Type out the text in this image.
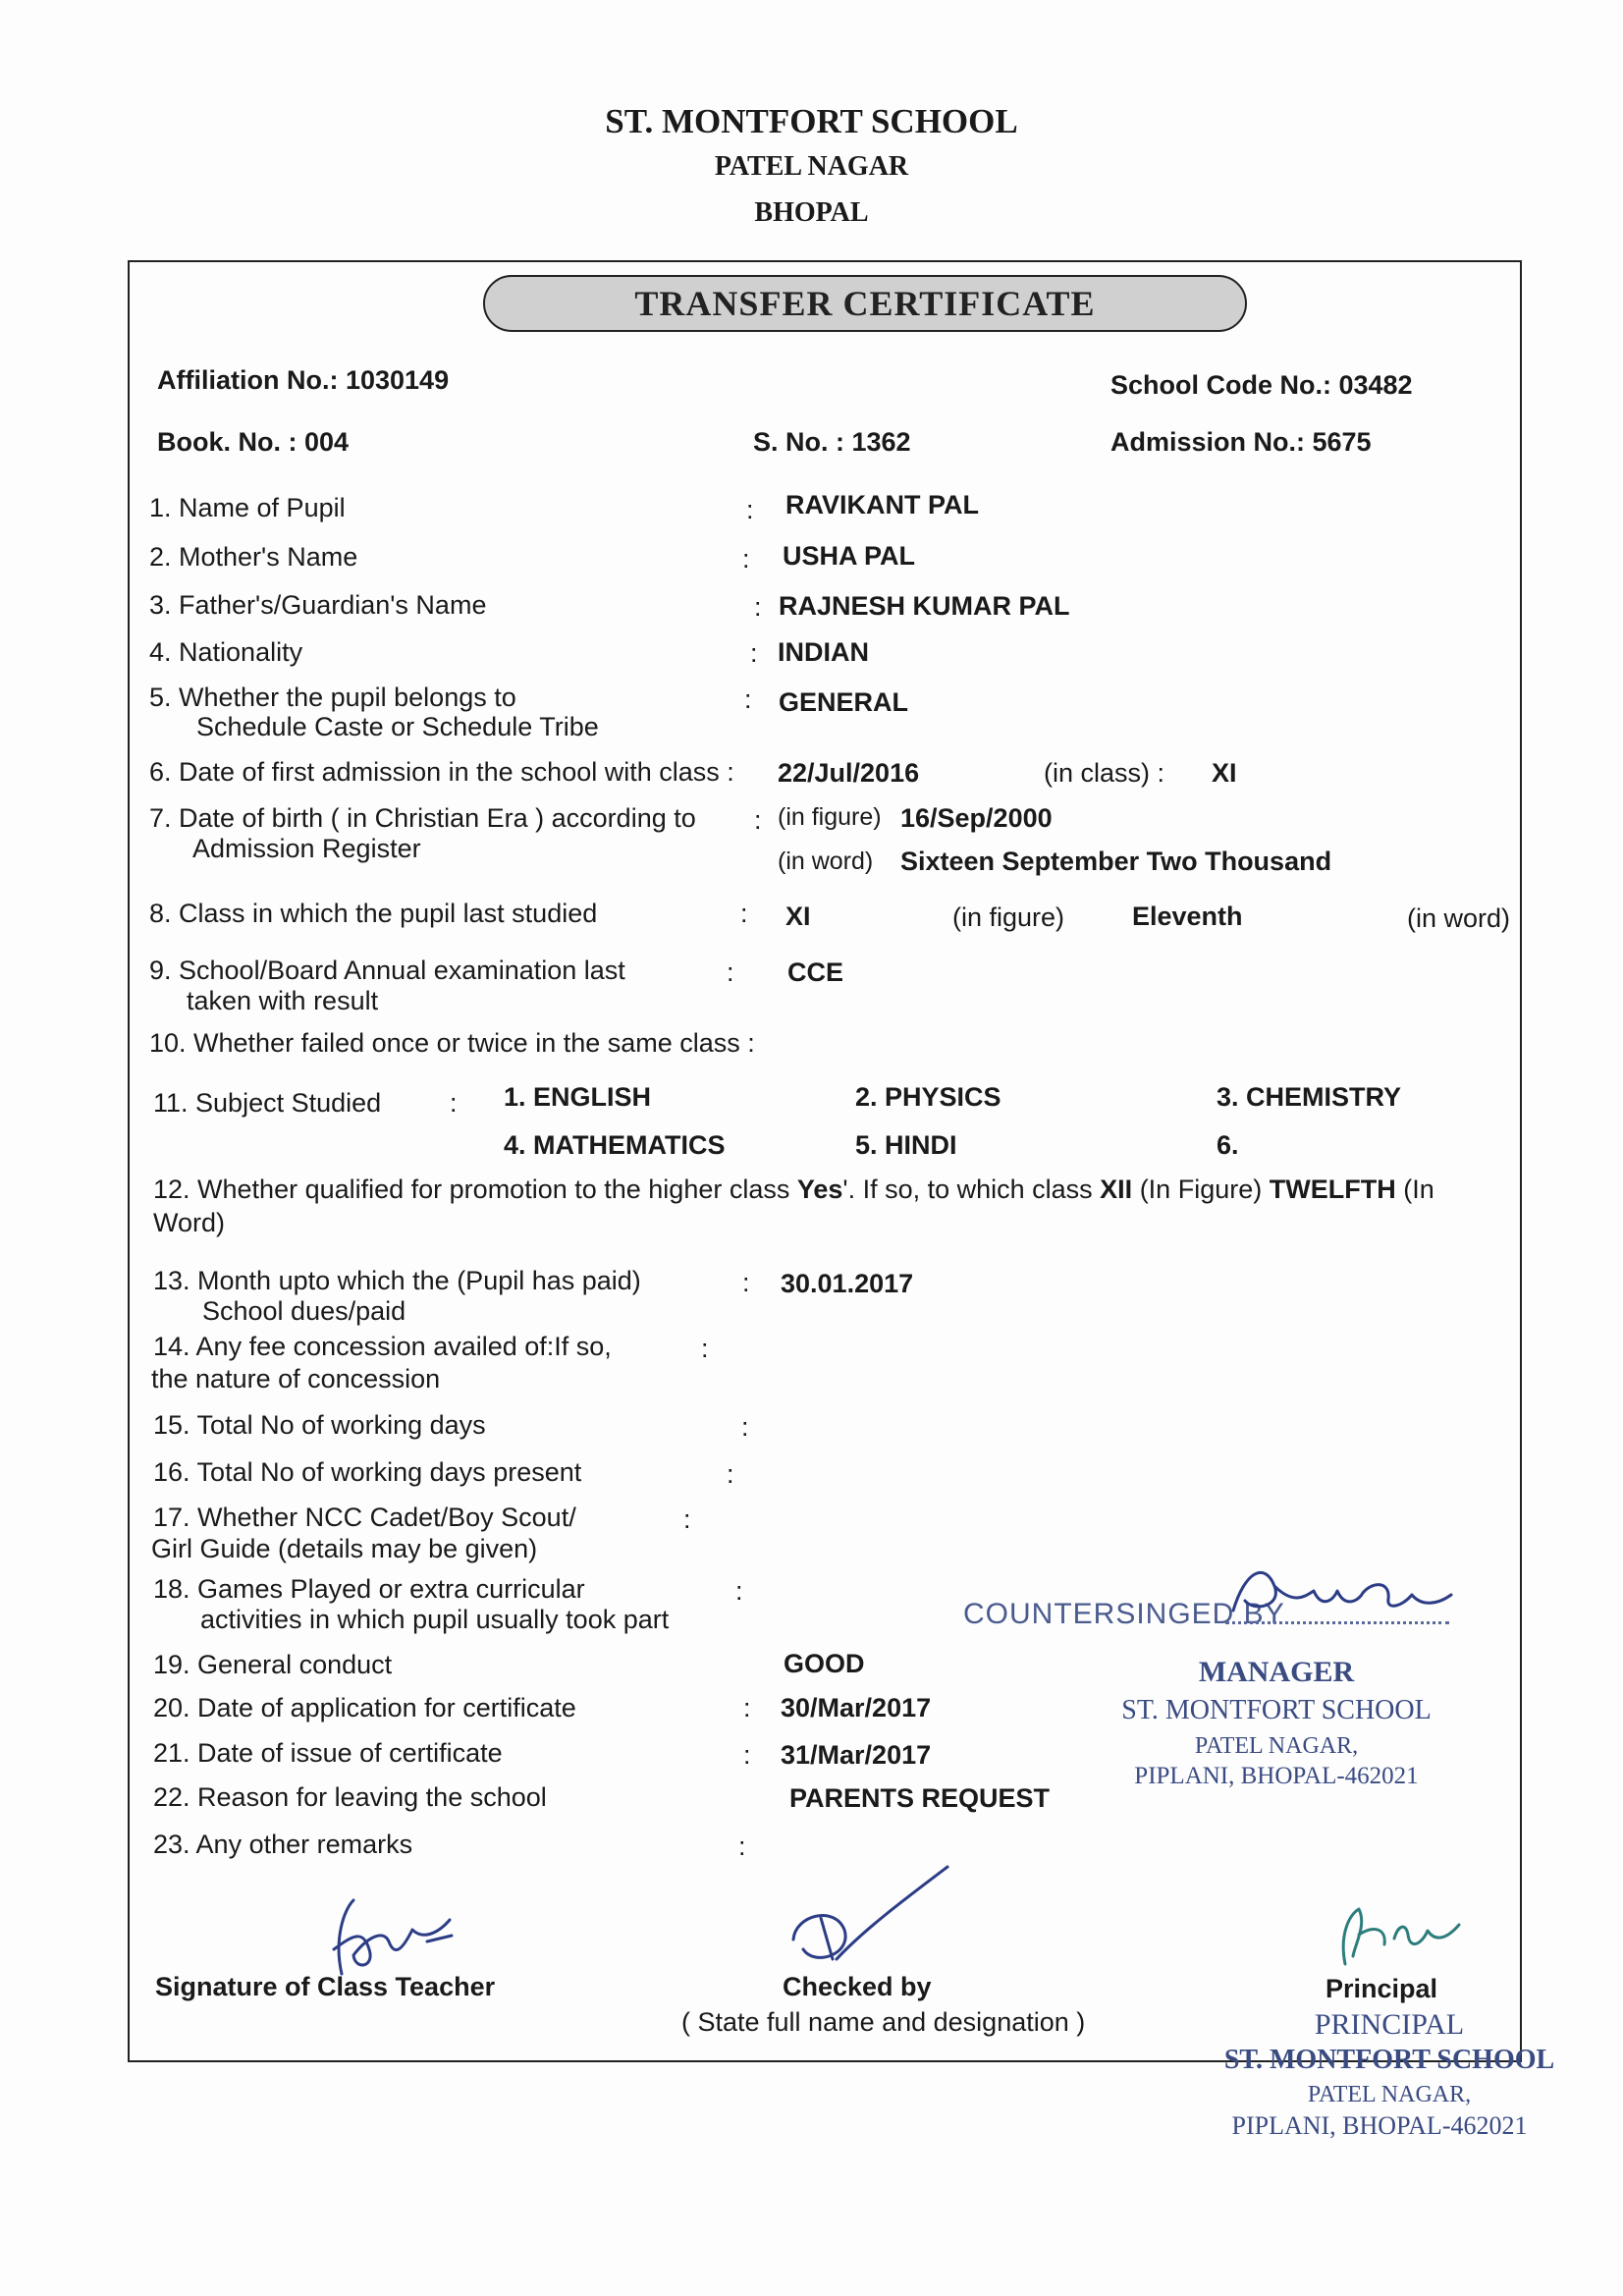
ST. MONTFORT SCHOOL
PATEL NAGAR
BHOPAL
TRANSFER CERTIFICATE
Affiliation No.: 1030149	School Code No.: 03482
Book. No. : 004	S. No. : 1362	Admission No.: 5675
1. Name of Pupil	: RAVIKANT PAL
2. Mother's Name	: USHA PAL
3. Father's/Guardian's Name	: RAJNESH KUMAR PAL
4. Nationality	: INDIAN
5. Whether the pupil belongs to
Schedule Caste or Schedule Tribe
: GENERAL
6. Date of first admission in the school with class : 22/Jul/2016	(in class) : XI
7. Date of birth ( in Christian Era ) according to
Admission Register
: (in figure) 16/Sep/2000
(in word) Sixteen September Two Thousand
8. Class in which the pupil last studied	: XI	(in figure)	Eleventh	(in word)
9. School/Board Annual examination last
taken with result
: CCE
10. Whether failed once or twice in the same class :
11. Subject Studied	: 1. ENGLISH	2. PHYSICS	3. CHEMISTRY
4. MATHEMATICS	5. HINDI	6.
12. Whether qualified for promotion to the higher class Yes'. If so, to which class XII (In Figure) TWELFTH (In
Word)
13. Month upto which the (Pupil has paid)
School dues/paid
: 30.01.2017
14. Any fee concession availed of:If so,
the nature of concession
:
15. Total No of working days	:
16. Total No of working days present	:
17. Whether NCC Cadet/Boy Scout/
Girl Guide (details may be given)
:
18. Games Played or extra curricular
activities in which pupil usually took part
:
19. General conduct	GOOD
20. Date of application for certificate	: 30/Mar/2017
21. Date of issue of certificate	: 31/Mar/2017
22. Reason for leaving the school	PARENTS REQUEST
23. Any other remarks	:
COUNTERSINGED BY
MANAGER
ST. MONTFORT SCHOOL
PATEL NAGAR,
PIPLANI, BHOPAL-462021
Signature of Class Teacher	Checked by
( State full name and designation )
Principal
PRINCIPAL
ST. MONTFORT SCHOOL
PATEL NAGAR,
PIPLANI, BHOPAL-462021
